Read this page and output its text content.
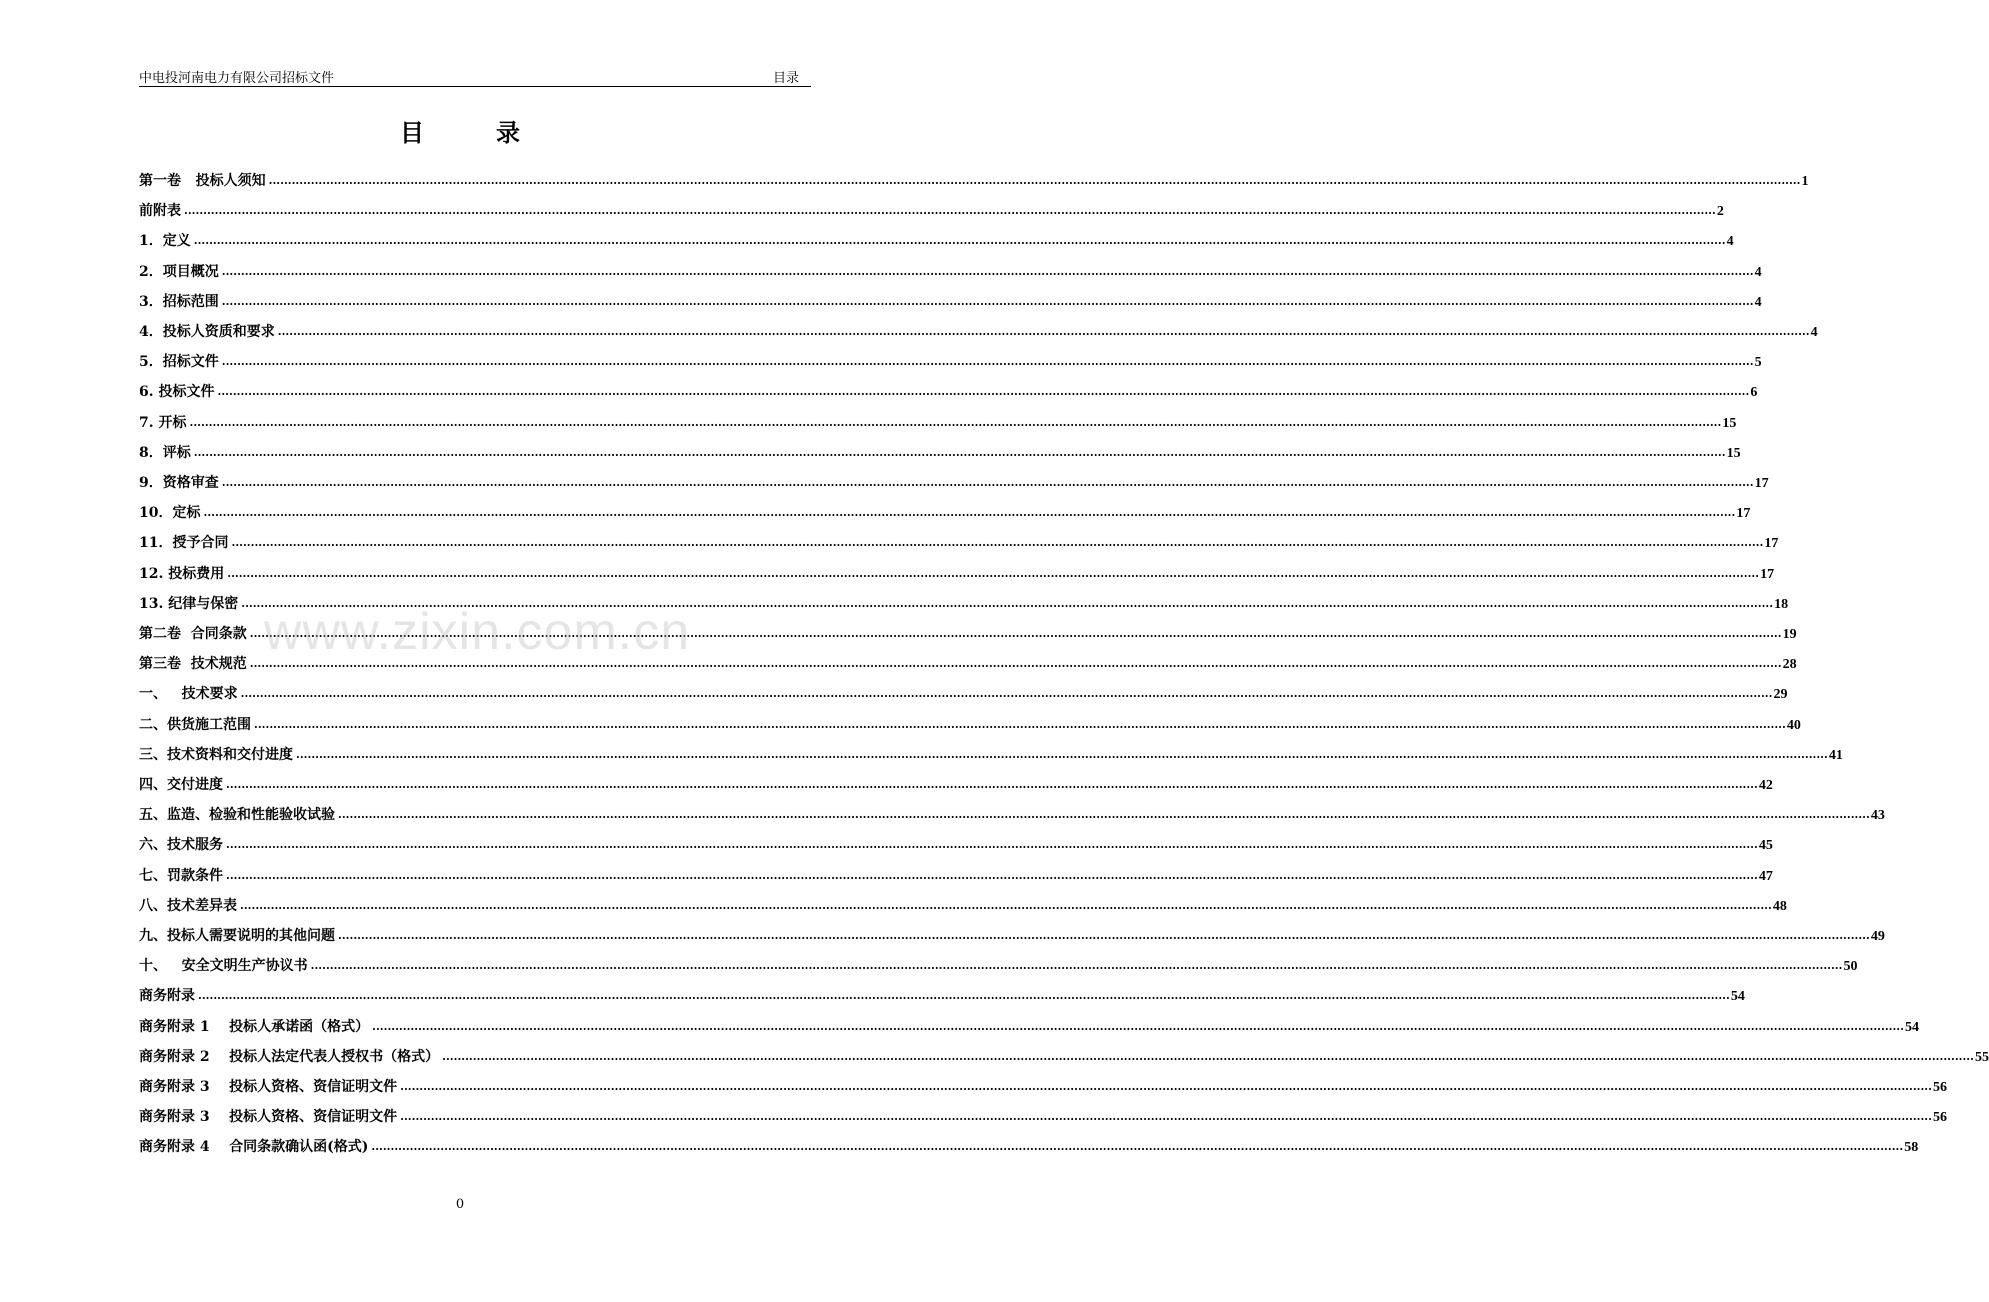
中电投河南电力有限公司招标文件	目录
目录
第一卷   投标人须知 ................................................................................................................................................................................................................................................................................................................................................................................................................ 1
前附表 ................................................................................................................................................................................................................................................................................................................................................................................................................ 2
1．定义 ................................................................................................................................................................................................................................................................................................................................................................................................................ 4
2．项目概况 ................................................................................................................................................................................................................................................................................................................................................................................................................ 4
3．招标范围 ................................................................................................................................................................................................................................................................................................................................................................................................................ 4
4．投标人资质和要求 ................................................................................................................................................................................................................................................................................................................................................................................................................ 4
5．招标文件 ................................................................................................................................................................................................................................................................................................................................................................................................................ 5
6. 投标文件 ................................................................................................................................................................................................................................................................................................................................................................................................................ 6
7. 开标 ................................................................................................................................................................................................................................................................................................................................................................................................................ 15
8．评标 ................................................................................................................................................................................................................................................................................................................................................................................................................ 15
9．资格审查 ................................................................................................................................................................................................................................................................................................................................................................................................................ 17
10．定标 ................................................................................................................................................................................................................................................................................................................................................................................................................ 17
11．授予合同 ................................................................................................................................................................................................................................................................................................................................................................................................................ 17
12. 投标费用 ................................................................................................................................................................................................................................................................................................................................................................................................................ 17
13. 纪律与保密 ................................................................................................................................................................................................................................................................................................................................................................................................................ 18
第二卷  合同条款 ................................................................................................................................................................................................................................................................................................................................................................................................................ 19
第三卷  技术规范 ................................................................................................................................................................................................................................................................................................................................................................................................................ 28
一、   技术要求 ................................................................................................................................................................................................................................................................................................................................................................................................................ 29
二、供货施工范围 ................................................................................................................................................................................................................................................................................................................................................................................................................ 40
三、技术资料和交付进度 ................................................................................................................................................................................................................................................................................................................................................................................................................ 41
四、交付进度 ................................................................................................................................................................................................................................................................................................................................................................................................................ 42
五、监造、检验和性能验收试验 ................................................................................................................................................................................................................................................................................................................................................................................................................ 43
六、技术服务 ................................................................................................................................................................................................................................................................................................................................................................................................................ 45
七、罚款条件 ................................................................................................................................................................................................................................................................................................................................................................................................................ 47
八、技术差异表 ................................................................................................................................................................................................................................................................................................................................................................................................................ 48
九、投标人需要说明的其他问题 ................................................................................................................................................................................................................................................................................................................................................................................................................ 49
十、   安全文明生产协议书 ................................................................................................................................................................................................................................................................................................................................................................................................................ 50
商务附录 ................................................................................................................................................................................................................................................................................................................................................................................................................ 54
商务附录 1    投标人承诺函（格式） ................................................................................................................................................................................................................................................................................................................................................................................................................ 54
商务附录 2    投标人法定代表人授权书（格式） ................................................................................................................................................................................................................................................................................................................................................................................................................ 55
商务附录 3    投标人资格、资信证明文件 ................................................................................................................................................................................................................................................................................................................................................................................................................ 56
商务附录 3    投标人资格、资信证明文件 ................................................................................................................................................................................................................................................................................................................................................................................................................ 56
商务附录 4    合同条款确认函(格式) ................................................................................................................................................................................................................................................................................................................................................................................................................ 58
www.zixin.com.cn
0
